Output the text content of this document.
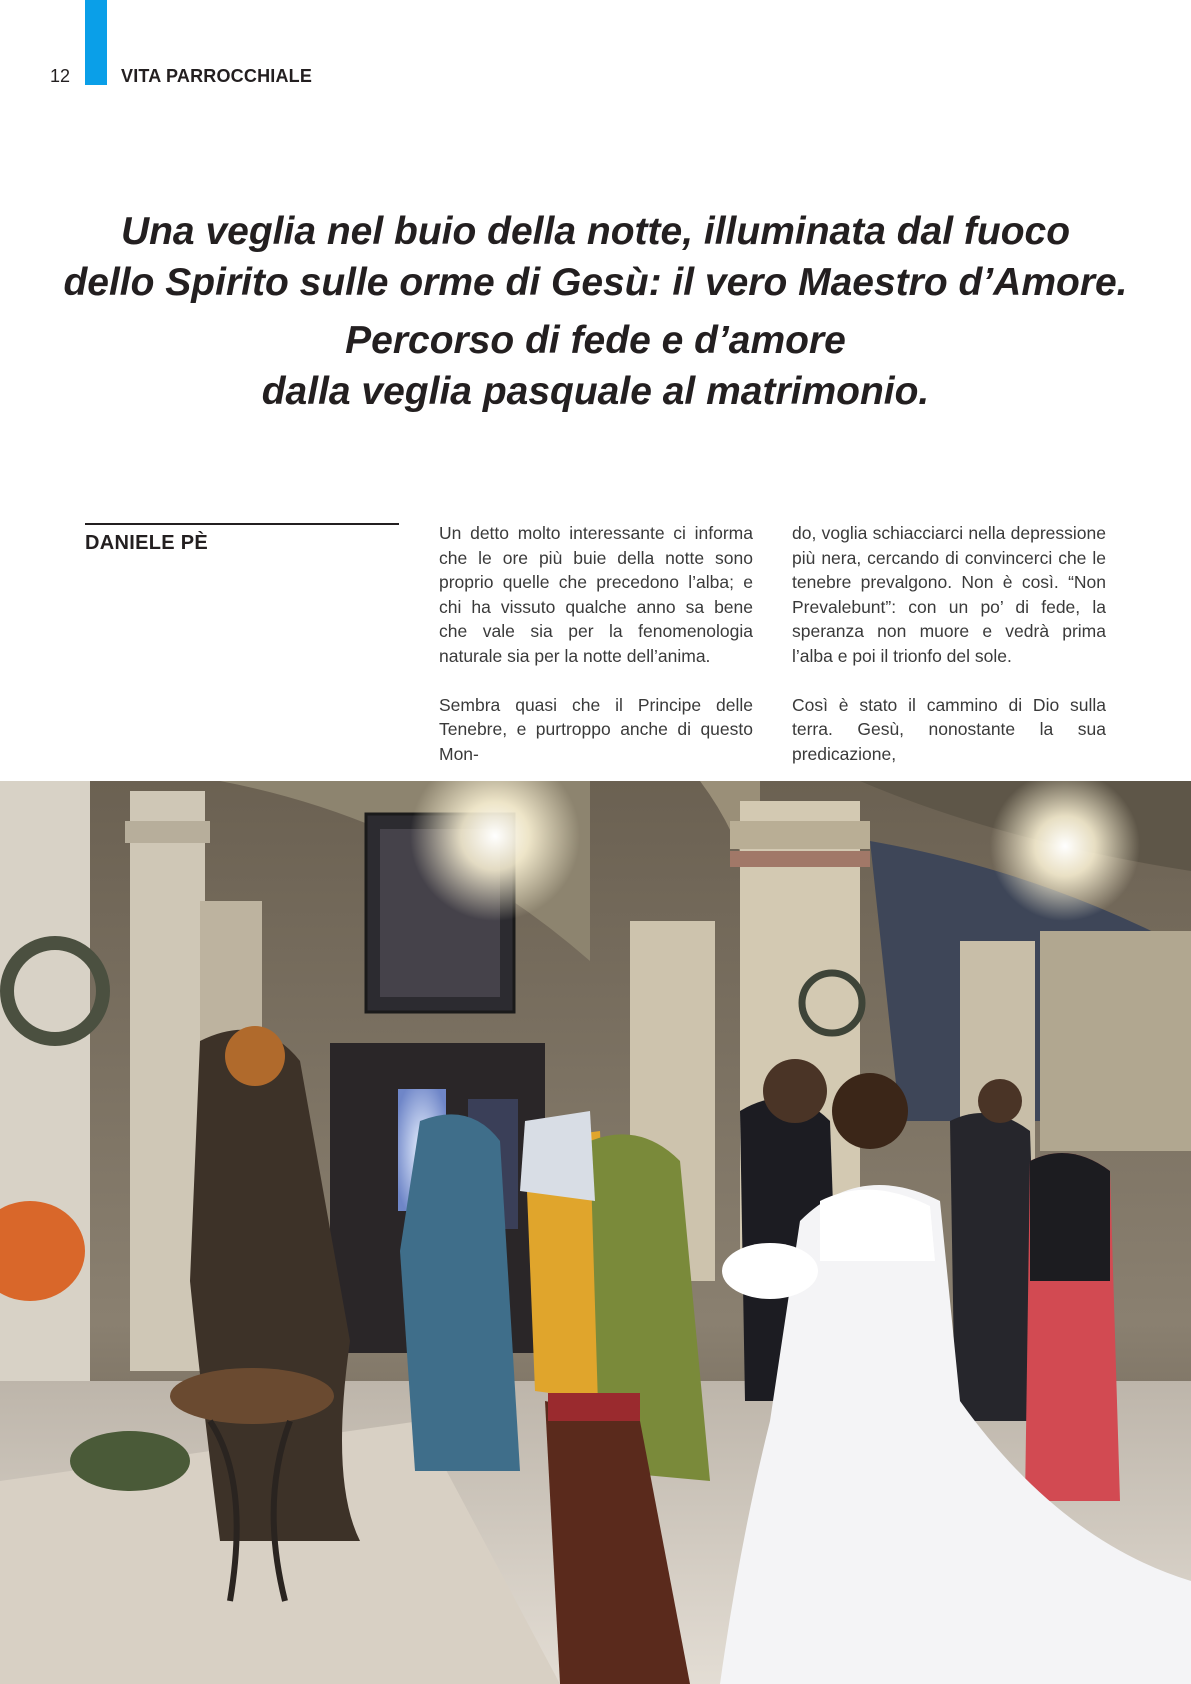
12	VITA PARROCCHIALE

Una veglia nel buio della notte, illuminata dal fuoco

dello Spirito sulle orme di Gesù: il vero Maestro d’Amore.

Percorso di fede e d’amore

dalla veglia pasquale al matrimonio.

DANIELE PÈ	Un detto molto interessante ci informa che le ore più buie della notte sono proprio quelle che precedono l’alba; e chi ha vissuto qualche anno sa bene che vale sia per la fenomenologia naturale sia per la notte dell’anima.

Sembra quasi che il Principe delle Tenebre, e purtroppo anche di questo Mon-

do, voglia schiacciarci nella depressione più nera, cercando di convincerci che le tenebre prevalgono. Non è così. “Non Prevalebunt”: con un po’ di fede, la speranza non muore e vedrà prima l’alba e poi il trionfo del sole.

Così è stato il cammino di Dio sulla terra. Gesù, nonostante la sua predicazione,
